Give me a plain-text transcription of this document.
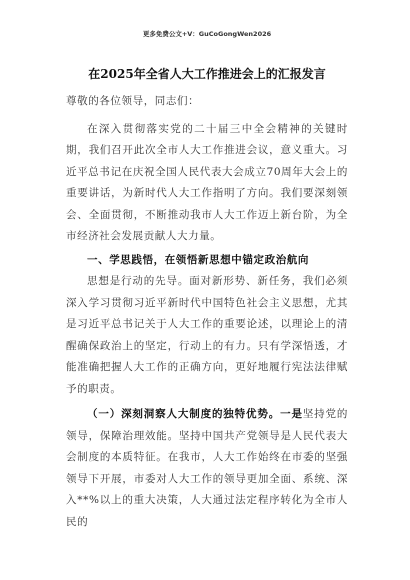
更多免费公文+V：GuCoGongWen2026
在2025年全省人大工作推进会上的汇报发言

尊敬的各位领导，同志们：

在深入贯彻落实党的二十届三中全会精神的关键时期，我们召开此次全市人大工作推进会议，意义重大。习近平总书记在庆祝全国人民代表大会成立70周年大会上的重要讲话，为新时代人大工作指明了方向。我们要深刻领会、全面贯彻，不断推动我市人大工作迈上新台阶，为全市经济社会发展贡献人大力量。

一、学思践悟，在领悟新思想中锚定政治航向

思想是行动的先导。面对新形势、新任务，我们必须深入学习贯彻习近平新时代中国特色社会主义思想，尤其是习近平总书记关于人大工作的重要论述，以理论上的清醒确保政治上的坚定，行动上的有力。只有学深悟透，才能准确把握人大工作的正确方向，更好地履行宪法法律赋予的职责。

（一）深刻洞察人大制度的独特优势。一是坚持党的领导，保障治理效能。坚持中国共产党领导是人民代表大会制度的本质特征。在我市，人大工作始终在市委的坚强领导下开展，市委对人大工作的领导更加全面、系统、深入**%以上的重大决策，人大通过法定程序转化为全市人民的
